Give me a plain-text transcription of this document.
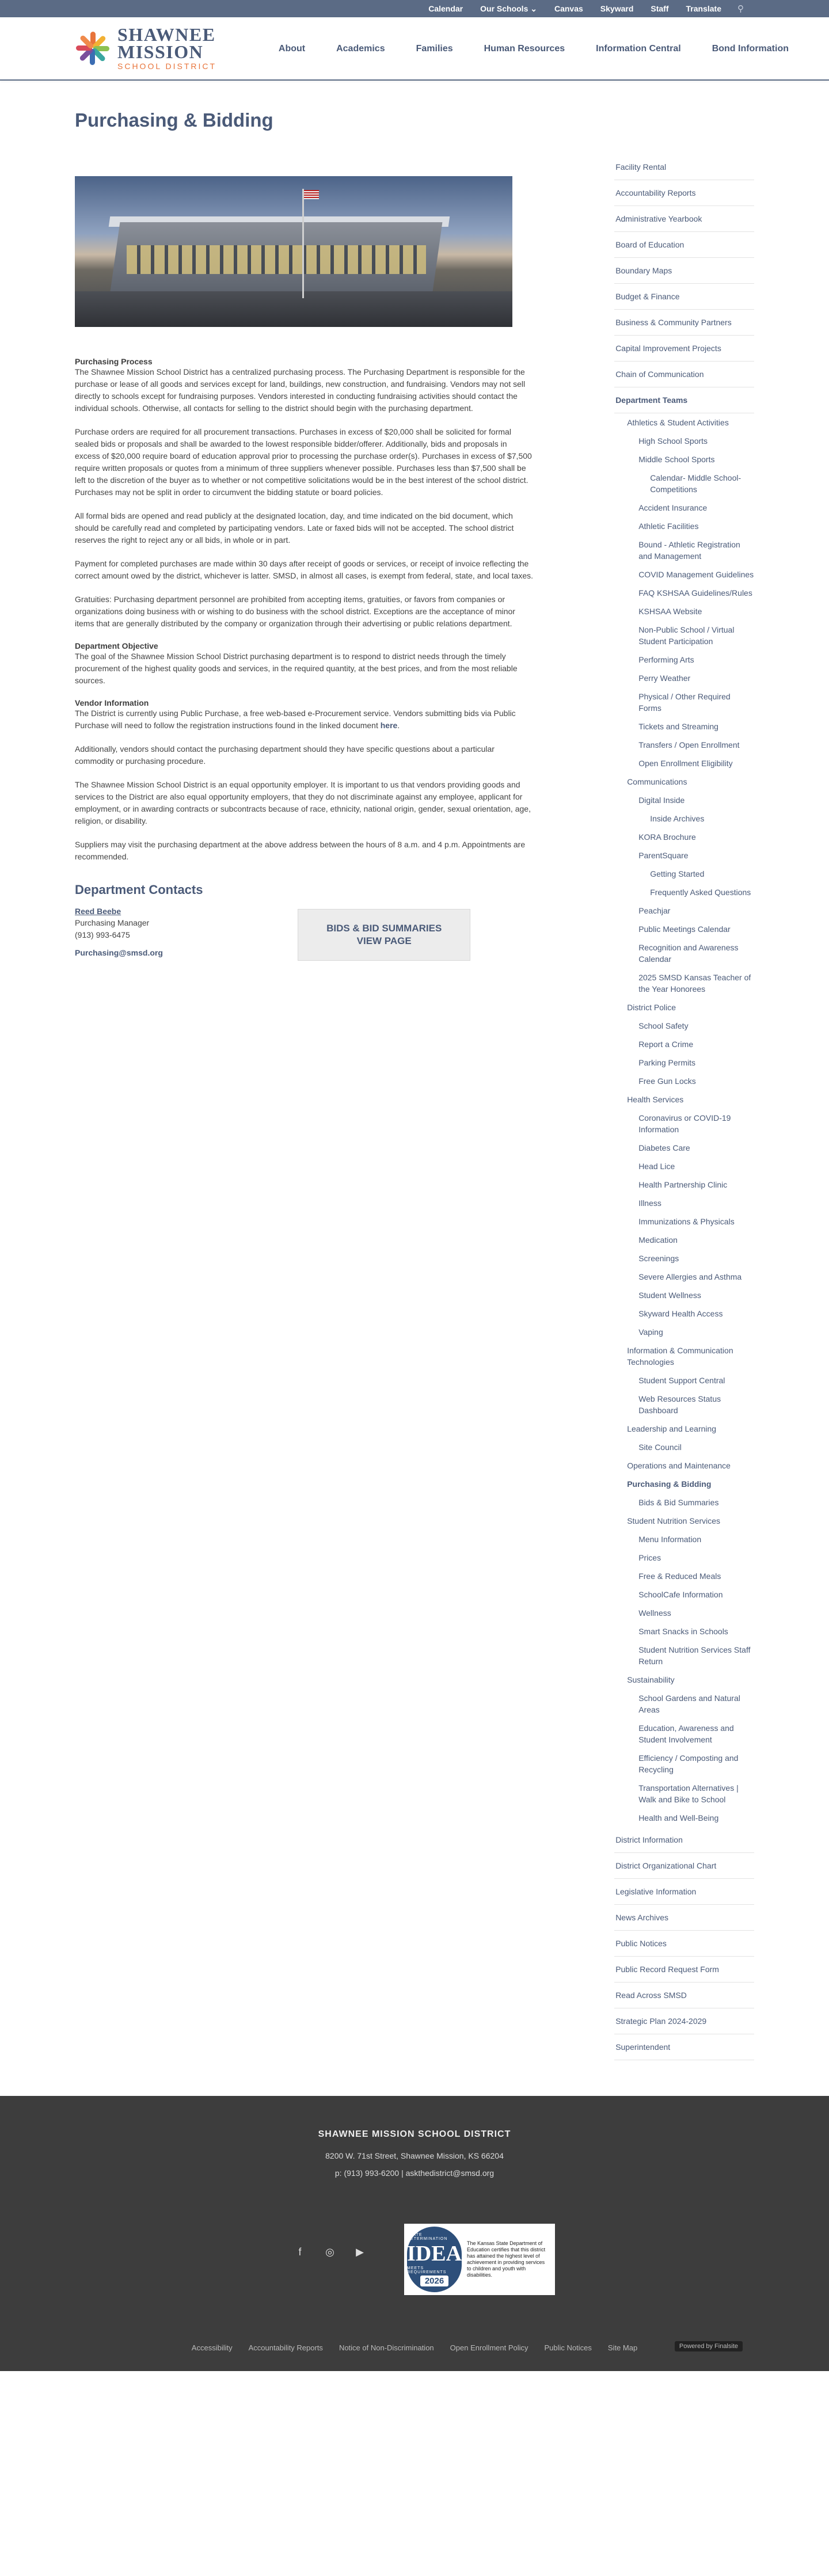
Calendar Our Schools ⌄ Canvas Skyward Staff Translate ⚲
SHAWNEE
MISSION
SCHOOL DISTRICT
About	Academics	Families	Human Resources	Information Central	Bond Information
Purchasing & Bidding
Purchasing Process

The Shawnee Mission School District has a centralized purchasing process. The Purchasing Department is responsible for the purchase or lease of all goods and services except for land, buildings, new construction, and fundraising. Vendors may not sell directly to schools except for fundraising purposes. Vendors interested in conducting fundraising activities should contact the individual schools. Otherwise, all contacts for selling to the district should begin with the purchasing department.

Purchase orders are required for all procurement transactions. Purchases in excess of $20,000 shall be solicited for formal sealed bids or proposals and shall be awarded to the lowest responsible bidder/offerer. Additionally, bids and proposals in excess of $20,000 require board of education approval prior to processing the purchase order(s). Purchases in excess of $7,500 require written proposals or quotes from a minimum of three suppliers whenever possible. Purchases less than $7,500 shall be left to the discretion of the buyer as to whether or not competitive solicitations would be in the best interest of the school district. Purchases may not be split in order to circumvent the bidding statute or board policies.

All formal bids are opened and read publicly at the designated location, day, and time indicated on the bid document, which should be carefully read and completed by participating vendors. Late or faxed bids will not be accepted. The school district reserves the right to reject any or all bids, in whole or in part.

Payment for completed purchases are made within 30 days after receipt of goods or services, or receipt of invoice reflecting the correct amount owed by the district, whichever is latter. SMSD, in almost all cases, is exempt from federal, state, and local taxes.

Gratuities: Purchasing department personnel are prohibited from accepting items, gratuities, or favors from companies or organizations doing business with or wishing to do business with the school district. Exceptions are the acceptance of minor items that are generally distributed by the company or organization through their advertising or public relations department.

Department Objective

The goal of the Shawnee Mission School District purchasing department is to respond to district needs through the timely procurement of the highest quality goods and services, in the required quantity, at the best prices, and from the most reliable sources.

Vendor Information

The District is currently using Public Purchase, a free web-based e-Procurement service. Vendors submitting bids via Public Purchase will need to follow the registration instructions found in the linked document here.

Additionally, vendors should contact the purchasing department should they have specific questions about a particular commodity or purchasing procedure.

The Shawnee Mission School District is an equal opportunity employer. It is important to us that vendors providing goods and services to the District are also equal opportunity employers, that they do not discriminate against any employee, applicant for employment, or in awarding contracts or subcontracts because of race, ethnicity, national origin, gender, sexual orientation, age, religion, or disability.

Suppliers may visit the purchasing department at the above address between the hours of 8 a.m. and 4 p.m. Appointments are recommended.

Department Contacts
Reed Beebe
Purchasing Manager
(913) 993-6475
Purchasing@smsd.org
BIDS & BID SUMMARIES VIEW PAGE
Facility Rental
Accountability Reports
Administrative Yearbook
Board of Education
Boundary Maps
Budget & Finance
Business & Community Partners
Capital Improvement Projects
Chain of Communication
Department Teams
Athletics & Student Activities
High School Sports
Middle School Sports
Calendar- Middle School-Competitions
Accident Insurance
Athletic Facilities
Bound - Athletic Registration and Management
COVID Management Guidelines
FAQ KSHSAA Guidelines/Rules
KSHSAA Website
Non-Public School / Virtual Student Participation
Performing Arts
Perry Weather
Physical / Other Required Forms
Tickets and Streaming
Transfers / Open Enrollment
Open Enrollment Eligibility
Communications
Digital Inside
Inside Archives
KORA Brochure
ParentSquare
Getting Started
Frequently Asked Questions
Peachjar
Public Meetings Calendar
Recognition and Awareness Calendar
2025 SMSD Kansas Teacher of the Year Honorees
District Police
School Safety
Report a Crime
Parking Permits
Free Gun Locks
Health Services
Coronavirus or COVID-19 Information
Diabetes Care
Head Lice
Health Partnership Clinic
Illness
Immunizations & Physicals
Medication
Screenings
Severe Allergies and Asthma
Student Wellness
Skyward Health Access
Vaping
Information & Communication Technologies
Student Support Central
Web Resources Status Dashboard
Leadership and Learning
Site Council
Operations and Maintenance
Purchasing & Bidding
Bids & Bid Summaries
Student Nutrition Services
Menu Information
Prices
Free & Reduced Meals
SchoolCafe Information
Wellness
Smart Snacks in Schools
Student Nutrition Services Staff Return
Sustainability
School Gardens and Natural Areas
Education, Awareness and Student Involvement
Efficiency / Composting and Recycling
Transportation Alternatives | Walk and Bike to School
Health and Well-Being
District Information
District Organizational Chart
Legislative Information
News Archives
Public Notices
Public Record Request Form
Read Across SMSD
Strategic Plan 2024-2029
Superintendent
SHAWNEE MISSION SCHOOL DISTRICT
8200 W. 71st Street, Shawnee Mission, KS 66204
p: (913) 993-6200 | askthedistrict@smsd.org
f	◎	▶
STATE DETERMINATION
IDEA
MEETS REQUIREMENTS
2026
The Kansas State Department of Education certifies that this district has attained the highest level of achievement in providing services to children and youth with disabilities.
Accessibility Accountability Reports Notice of Non-Discrimination Open Enrollment Policy Public Notices Site Map	Powered by Finalsite
